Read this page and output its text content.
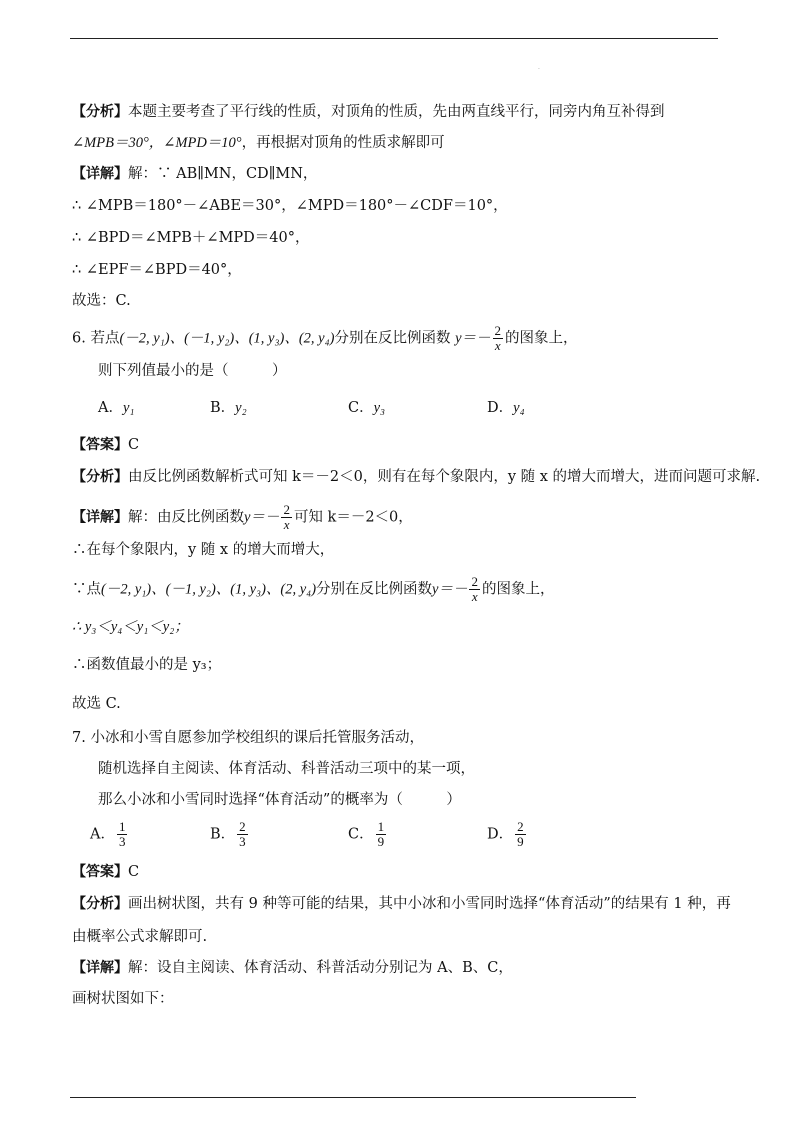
·
【分析】本题主要考查了平行线的性质，对顶角的性质，先由两直线平行，同旁内角互补得到
∠MPB＝30°，∠MPD＝10°，再根据对顶角的性质求解即可
【详解】解：∵ AB∥MN，CD∥MN，
∴ ∠MPB＝180°－∠ABE＝30°，∠MPD＝180°－∠CDF＝10°，
∴ ∠BPD＝∠MPB＋∠MPD＝40°，
∴ ∠EPF＝∠BPD＝40°，
故选：C.
6. 若点(－2, y₁)、(－1, y₂)、(1, y₃)、(2, y₄)分别在反比例函数 $y=- \frac{2}{x}$ 的图象上，
则下列值最小的是（　　　）
A．y₁	B．y₂	C．y₃	D．y₄
【答案】C
【分析】由反比例函数解析式可知 k＝－2＜0，则有在每个象限内，y 随 x 的增大而增大，进而问题可求解.
【详解】解：由反比例函数$y=- \frac{2}{x}$ 可知 k＝－2＜0，
∴在每个象限内，y 随 x 的增大而增大，
∵点(－2, y₁)、(－1, y₂)、(1, y₃)、(2, y₄)分别在反比例函数$y=- \frac{2}{x}$ 的图象上，
∴ y₃＜y₄＜y₁＜y₂；
∴函数值最小的是 y₃；
故选 C.
7. 小冰和小雪自愿参加学校组织的课后托管服务活动，
随机选择自主阅读、体育活动、科普活动三项中的某一项，
那么小冰和小雪同时选择“体育活动”的概率为（　　　）
A． $\frac{1}{3}$	B． $\frac{2}{3}$	C． $\frac{1}{9}$	D． $\frac{2}{9}$
【答案】C
【分析】画出树状图，共有 9 种等可能的结果，其中小冰和小雪同时选择“体育活动”的结果有 1 种，再
由概率公式求解即可.
【详解】解：设自主阅读、体育活动、科普活动分别记为 A、B、C，
画树状图如下：
